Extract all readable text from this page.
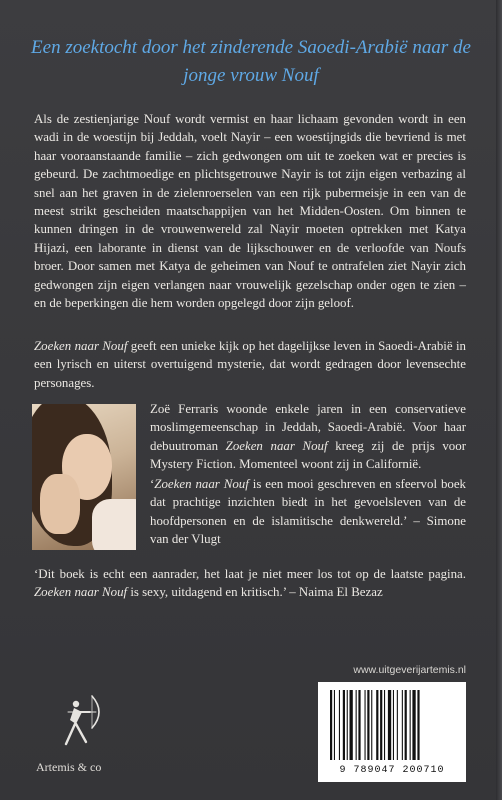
Een zoektocht door het zinderende Saoedi-Arabië naar de jonge vrouw Nouf
Als de zestienjarige Nouf wordt vermist en haar lichaam gevonden wordt in een wadi in de woestijn bij Jeddah, voelt Nayir – een woestijngids die bevriend is met haar vooraanstaande familie – zich gedwongen om uit te zoeken wat er precies is gebeurd. De zachtmoedige en plichtsgetrouwe Nayir is tot zijn eigen verbazing al snel aan het graven in de zielenroerselen van een rijk pubermeisje in een van de meest strikt gescheiden maatschappijen van het Midden-Oosten. Om binnen te kunnen dringen in de vrouwenwereld zal Nayir moeten optrekken met Katya Hijazi, een laborante in dienst van de lijkschouwer en de verloofde van Noufs broer. Door samen met Katya de geheimen van Nouf te ontrafelen ziet Nayir zich gedwongen zijn eigen verlangen naar vrouwelijk gezelschap onder ogen te zien – en de beperkingen die hem worden opgelegd door zijn geloof.
Zoeken naar Nouf geeft een unieke kijk op het dagelijkse leven in Saoedi-Arabië in een lyrisch en uiterst overtuigend mysterie, dat wordt gedragen door levensechte personages.
Zoë Ferraris woonde enkele jaren in een conservatieve moslimgemeenschap in Jeddah, Saoedi-Arabië. Voor haar debuutroman Zoeken naar Nouf kreeg zij de prijs voor Mystery Fiction. Momenteel woont zij in Californië.
‘Zoeken naar Nouf is een mooi geschreven en sfeervol boek dat prachtige inzichten biedt in het gevoelsleven van de hoofdpersonen en de islamitische denkwereld.’ – Simone van der Vlugt
‘Dit boek is echt een aanrader, het laat je niet meer los tot op de laatste pagina. Zoeken naar Nouf is sexy, uitdagend en kritisch.’ – Naima El Bezaz
www.uitgeverijartemis.nl
Artemis & co	9 789047 200710
